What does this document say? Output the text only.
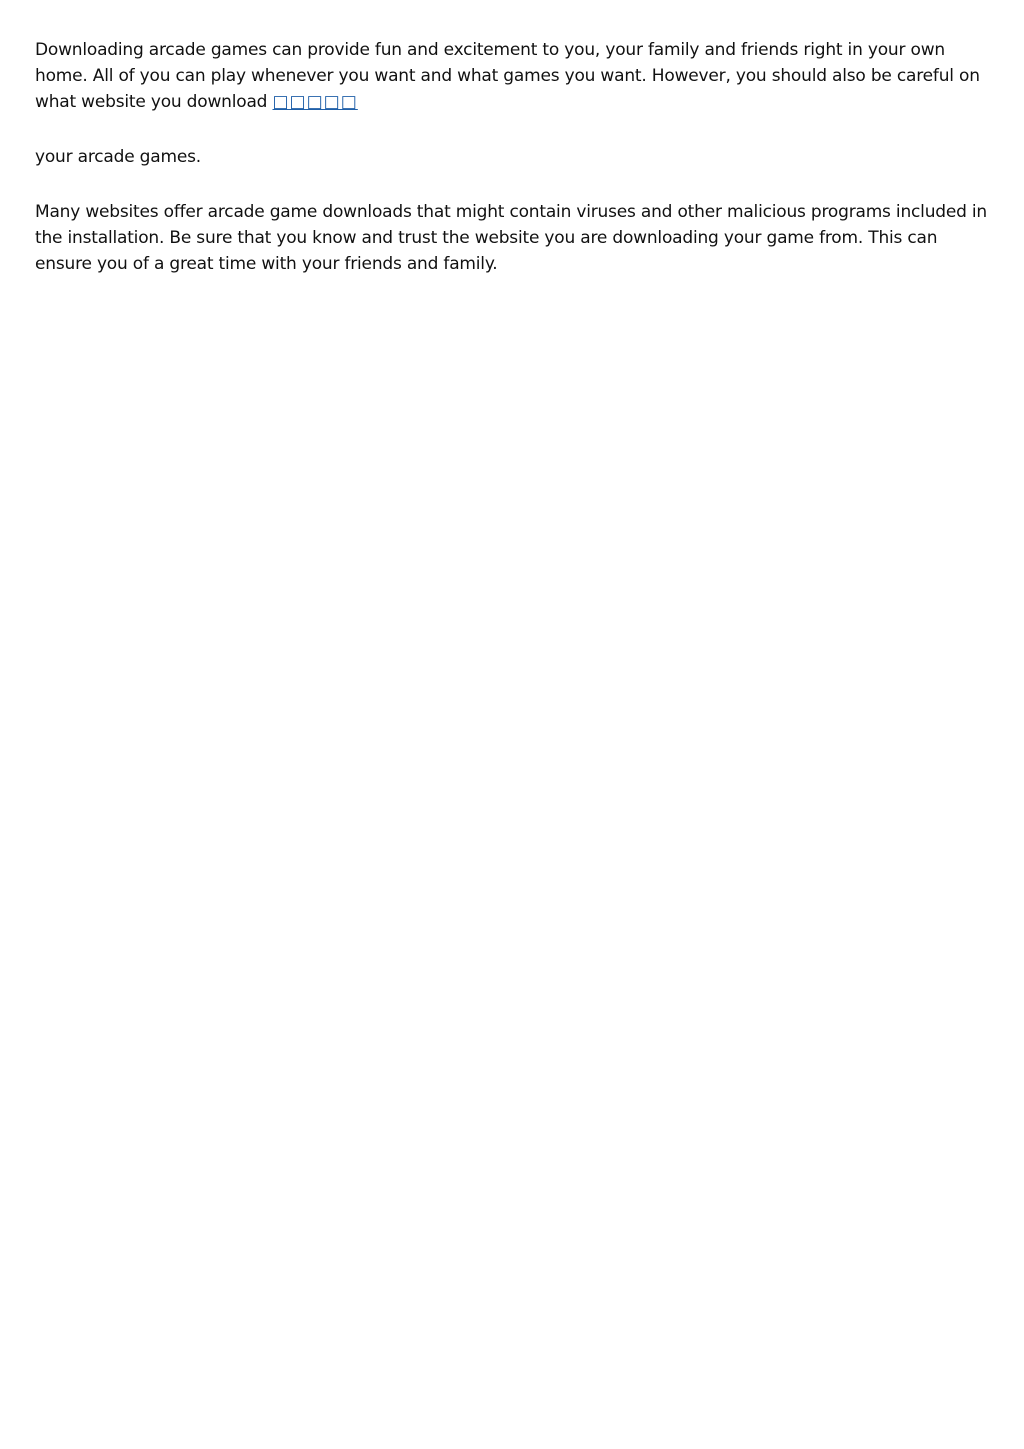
Downloading arcade games can provide fun and excitement to you, your family and friends right in your own home. All of you can play whenever you want and what games you want. However, you should also be careful on what website you download □□□□□

your arcade games.

Many websites offer arcade game downloads that might contain viruses and other malicious programs included in the installation. Be sure that you know and trust the website you are downloading your game from. This can ensure you of a great time with your friends and family.
